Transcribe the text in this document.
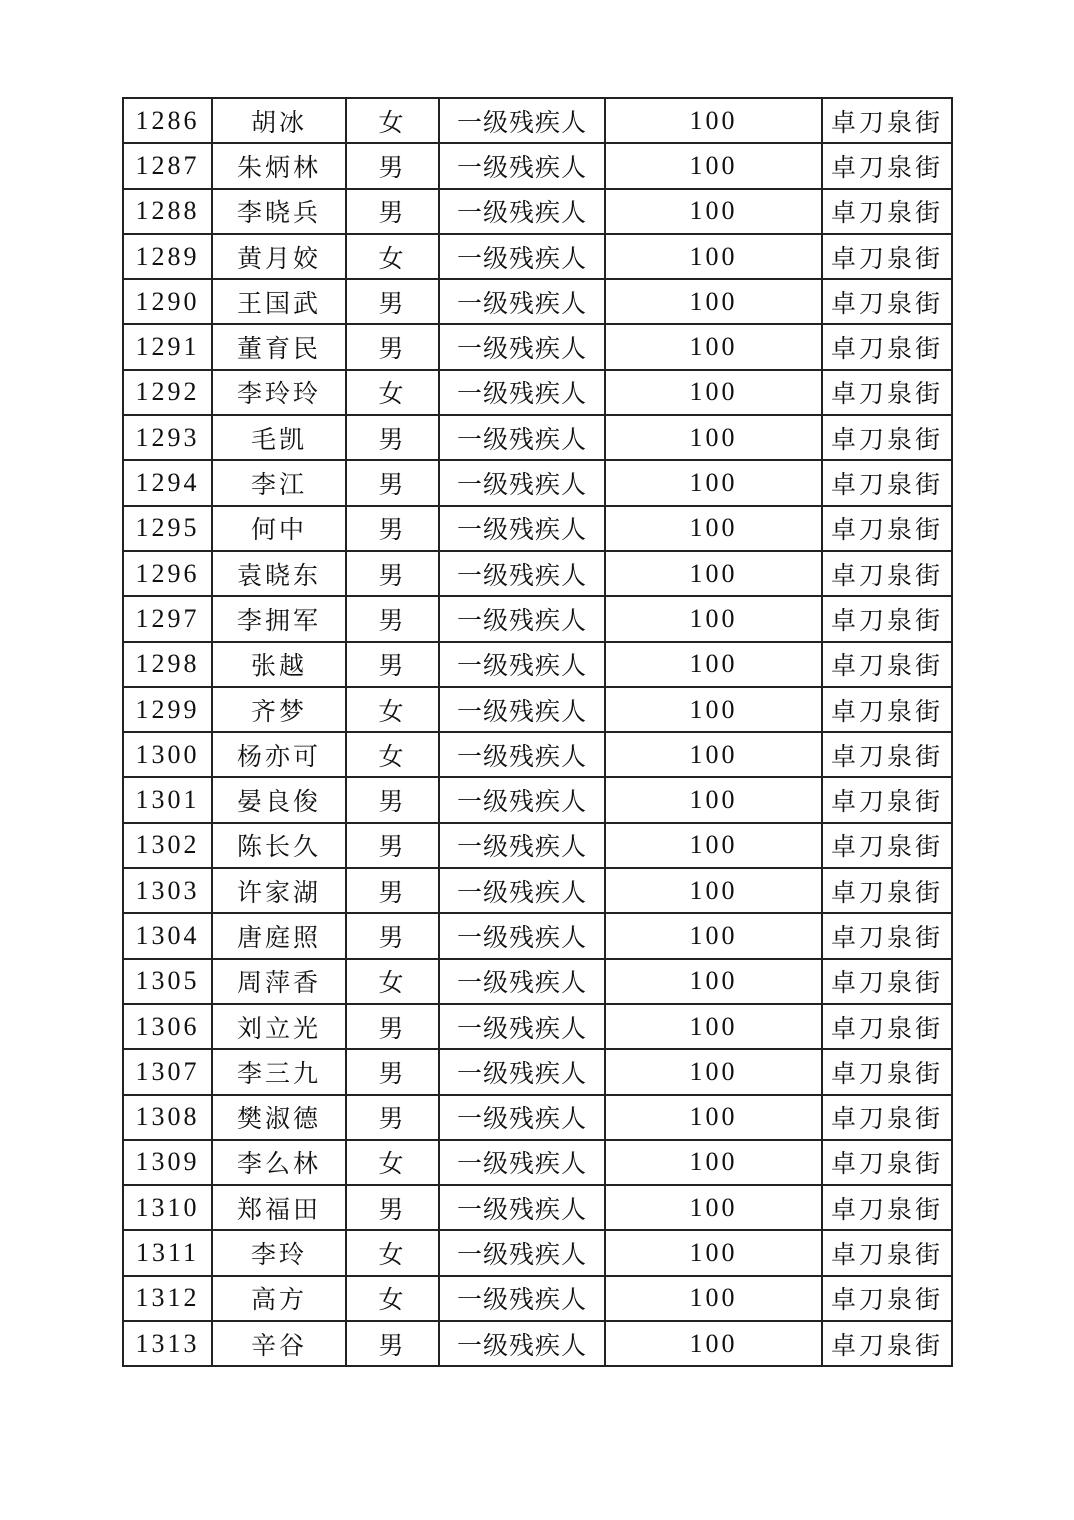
1286	胡冰	女	一级残疾人	100	卓刀泉街
1287	朱炳林	男	一级残疾人	100	卓刀泉街
1288	李晓兵	男	一级残疾人	100	卓刀泉街
1289	黄月姣	女	一级残疾人	100	卓刀泉街
1290	王国武	男	一级残疾人	100	卓刀泉街
1291	董育民	男	一级残疾人	100	卓刀泉街
1292	李玲玲	女	一级残疾人	100	卓刀泉街
1293	毛凯	男	一级残疾人	100	卓刀泉街
1294	李江	男	一级残疾人	100	卓刀泉街
1295	何中	男	一级残疾人	100	卓刀泉街
1296	袁晓东	男	一级残疾人	100	卓刀泉街
1297	李拥军	男	一级残疾人	100	卓刀泉街
1298	张越	男	一级残疾人	100	卓刀泉街
1299	齐梦	女	一级残疾人	100	卓刀泉街
1300	杨亦可	女	一级残疾人	100	卓刀泉街
1301	晏良俊	男	一级残疾人	100	卓刀泉街
1302	陈长久	男	一级残疾人	100	卓刀泉街
1303	许家湖	男	一级残疾人	100	卓刀泉街
1304	唐庭照	男	一级残疾人	100	卓刀泉街
1305	周萍香	女	一级残疾人	100	卓刀泉街
1306	刘立光	男	一级残疾人	100	卓刀泉街
1307	李三九	男	一级残疾人	100	卓刀泉街
1308	樊淑德	男	一级残疾人	100	卓刀泉街
1309	李么林	女	一级残疾人	100	卓刀泉街
1310	郑福田	男	一级残疾人	100	卓刀泉街
1311	李玲	女	一级残疾人	100	卓刀泉街
1312	高方	女	一级残疾人	100	卓刀泉街
1313	辛谷	男	一级残疾人	100	卓刀泉街
